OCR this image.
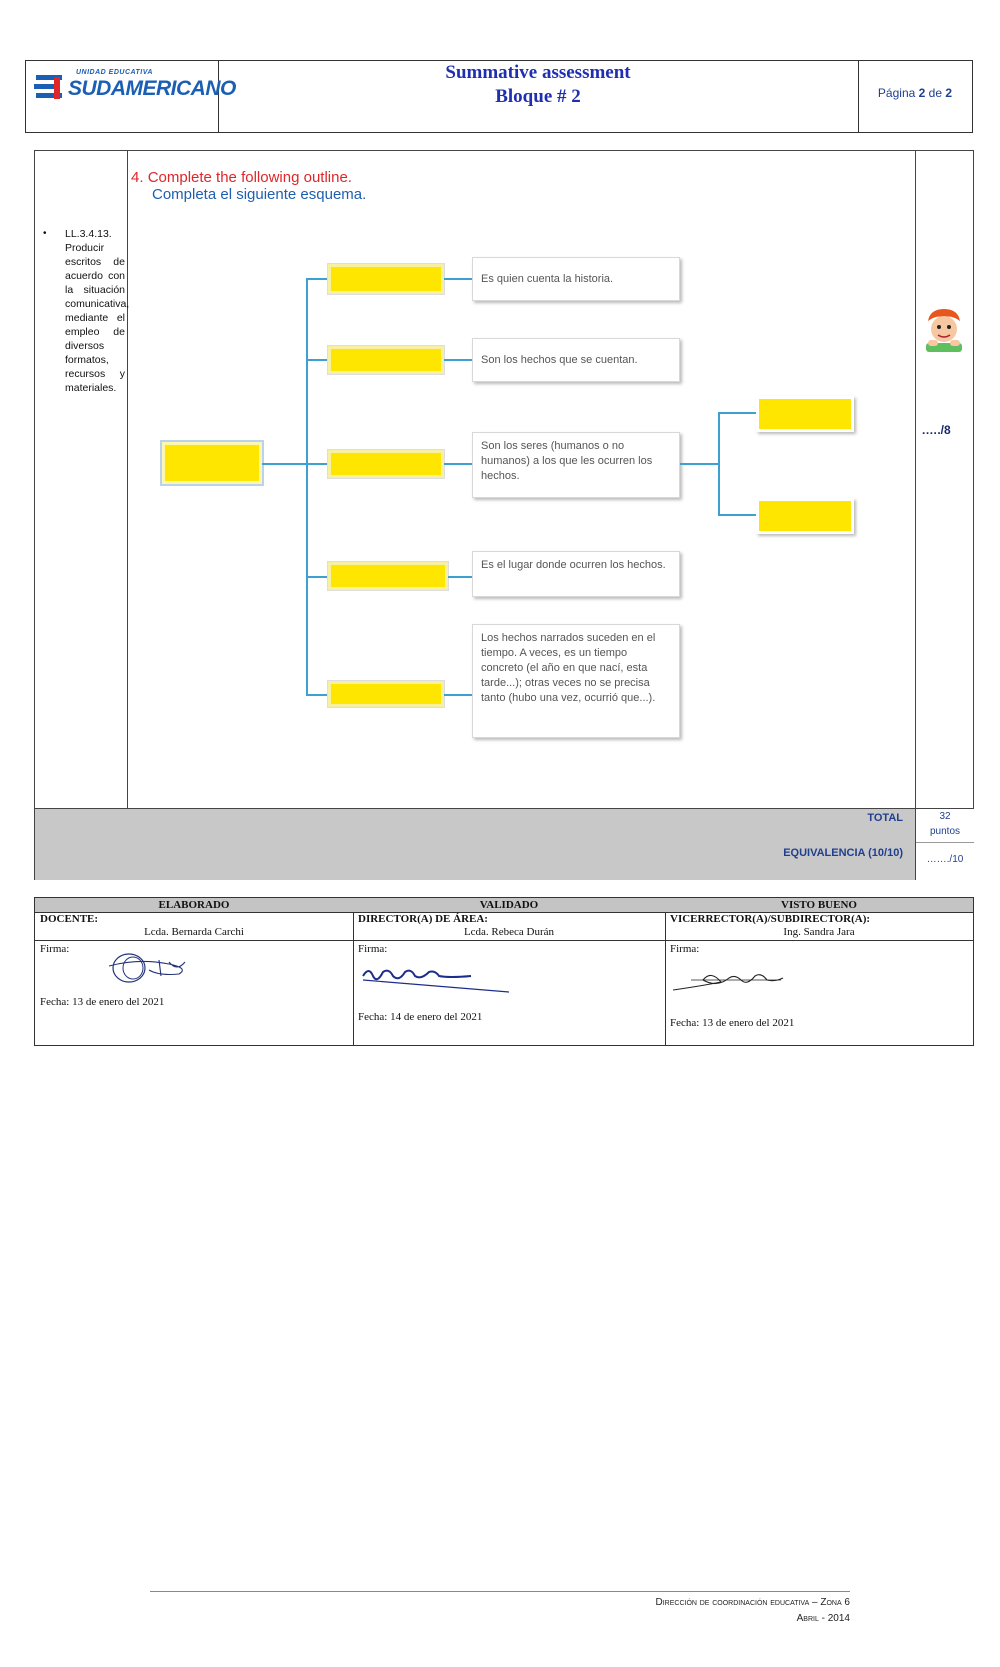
UNIDAD EDUCATIVA
SUDAMERICANO
Summative assessment
Bloque # 2	Página 2 de 2
• LL.3.4.13.
Producir escritos de acuerdo con la situación comunicativa, mediante el empleo de diversos formatos, recursos y materiales.
4. Complete the following outline.
Completa el siguiente esquema.
.…./8
TOTAL
EQUIVALENCIA (10/10)
32
puntos
……./10
Es quien cuenta la historia.
Son los hechos que se cuentan.
Son los seres (humanos o no humanos) a los que les ocurren los hechos.
Es el lugar donde ocurren los hechos.
Los hechos narrados suceden en el tiempo. A veces, es un tiempo concreto (el año en que nací, esta tarde...); otras veces no se precisa tanto (hubo una vez, ocurrió que...).
ELABORADO
DOCENTE:
Lcda. Bernarda Carchi
Firma:
Fecha: 13 de enero del 2021
VALIDADO
DIRECTOR(A) DE ÁREA:
Lcda. Rebeca Durán
Firma:
Fecha: 14 de enero del 2021
VISTO BUENO
VICERRECTOR(A)/SUBDIRECTOR(A):
Ing. Sandra Jara
Firma:
Fecha: 13 de enero del 2021
Dirección de coordinación educativa – Zona 6
Abril - 2014
